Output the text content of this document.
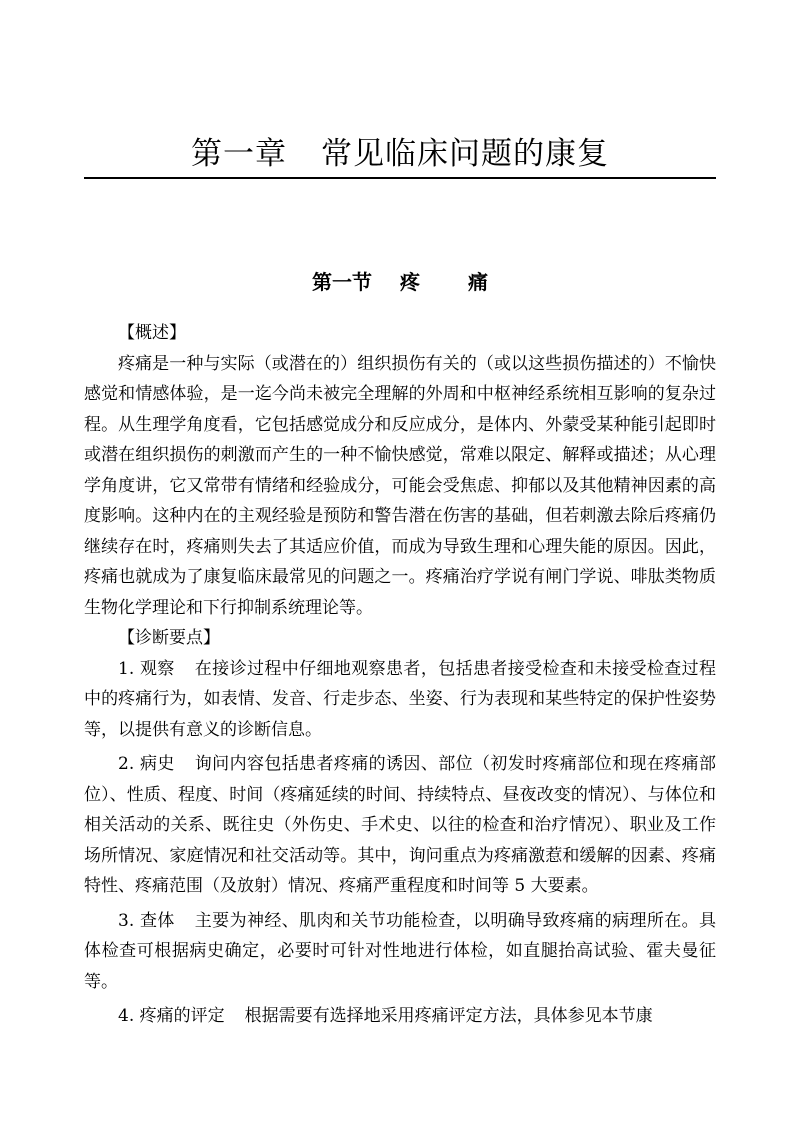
第一章 常见临床问题的康复
第一节 疼 痛

【概述】

疼痛是一种与实际（或潜在的）组织损伤有关的（或以这些损伤描述的）不愉快感觉和情感体验，是一迄今尚未被完全理解的外周和中枢神经系统相互影响的复杂过程。从生理学角度看，它包括感觉成分和反应成分，是体内、外蒙受某种能引起即时或潜在组织损伤的刺激而产生的一种不愉快感觉，常难以限定、解释或描述；从心理学角度讲，它又常带有情绪和经验成分，可能会受焦虑、抑郁以及其他精神因素的高度影响。这种内在的主观经验是预防和警告潜在伤害的基础，但若刺激去除后疼痛仍继续存在时，疼痛则失去了其适应价值，而成为导致生理和心理失能的原因。因此，疼痛也就成为了康复临床最常见的问题之一。疼痛治疗学说有闸门学说、啡肽类物质生物化学理论和下行抑制系统理论等。

【诊断要点】

1. 观察 在接诊过程中仔细地观察患者，包括患者接受检查和未接受检查过程中的疼痛行为，如表情、发音、行走步态、坐姿、行为表现和某些特定的保护性姿势等，以提供有意义的诊断信息。

2. 病史 询问内容包括患者疼痛的诱因、部位（初发时疼痛部位和现在疼痛部位）、性质、程度、时间（疼痛延续的时间、持续特点、昼夜改变的情况）、与体位和相关活动的关系、既往史（外伤史、手术史、以往的检查和治疗情况）、职业及工作场所情况、家庭情况和社交活动等。其中，询问重点为疼痛激惹和缓解的因素、疼痛特性、疼痛范围（及放射）情况、疼痛严重程度和时间等 5 大要素。

3. 查体 主要为神经、肌肉和关节功能检查，以明确导致疼痛的病理所在。具体检查可根据病史确定，必要时可针对性地进行体检，如直腿抬高试验、霍夫曼征等。

4. 疼痛的评定 根据需要有选择地采用疼痛评定方法，具体参见本节康
